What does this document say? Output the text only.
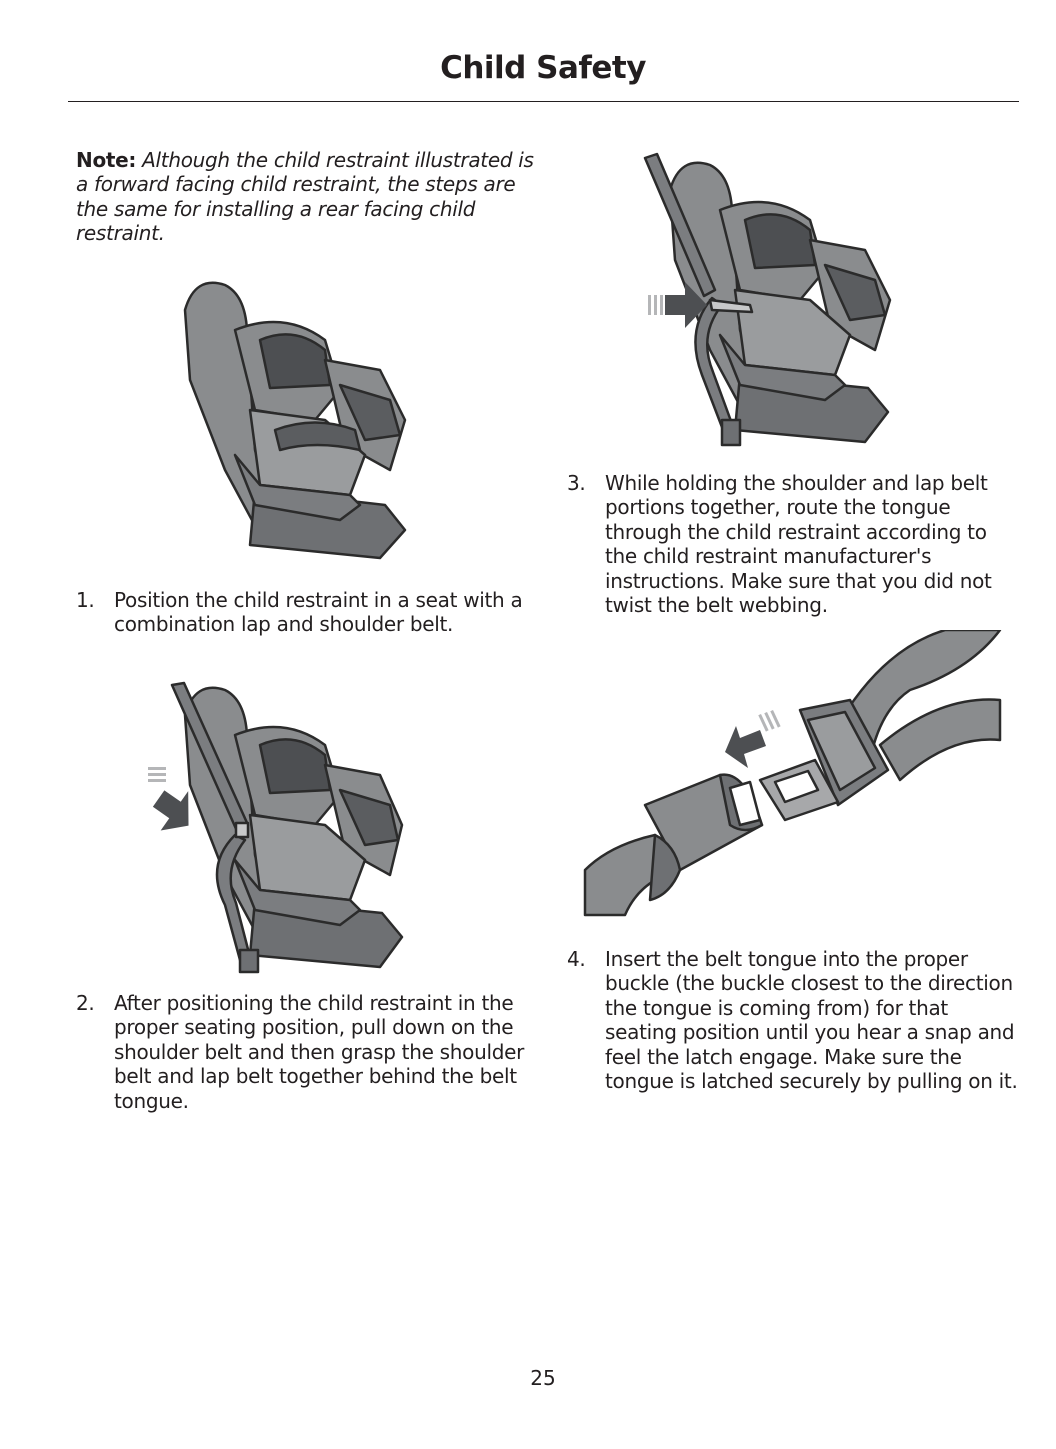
Child Safety
Note: Although the child restraint illustrated is a forward facing child restraint, the steps are the same for installing a rear facing child restraint.
1. Position the child restraint in a seat with a combination lap and shoulder belt.
2. After positioning the child restraint in the proper seating position, pull down on the shoulder belt and then grasp the shoulder belt and lap belt together behind the belt tongue.
3. While holding the shoulder and lap belt portions together, route the tongue through the child restraint according to the child restraint manufacturer's instructions. Make sure that you did not twist the belt webbing.
4. Insert the belt tongue into the proper buckle (the buckle closest to the direction the tongue is coming from) for that seating position until you hear a snap and feel the latch engage. Make sure the tongue is latched securely by pulling on it.
25
